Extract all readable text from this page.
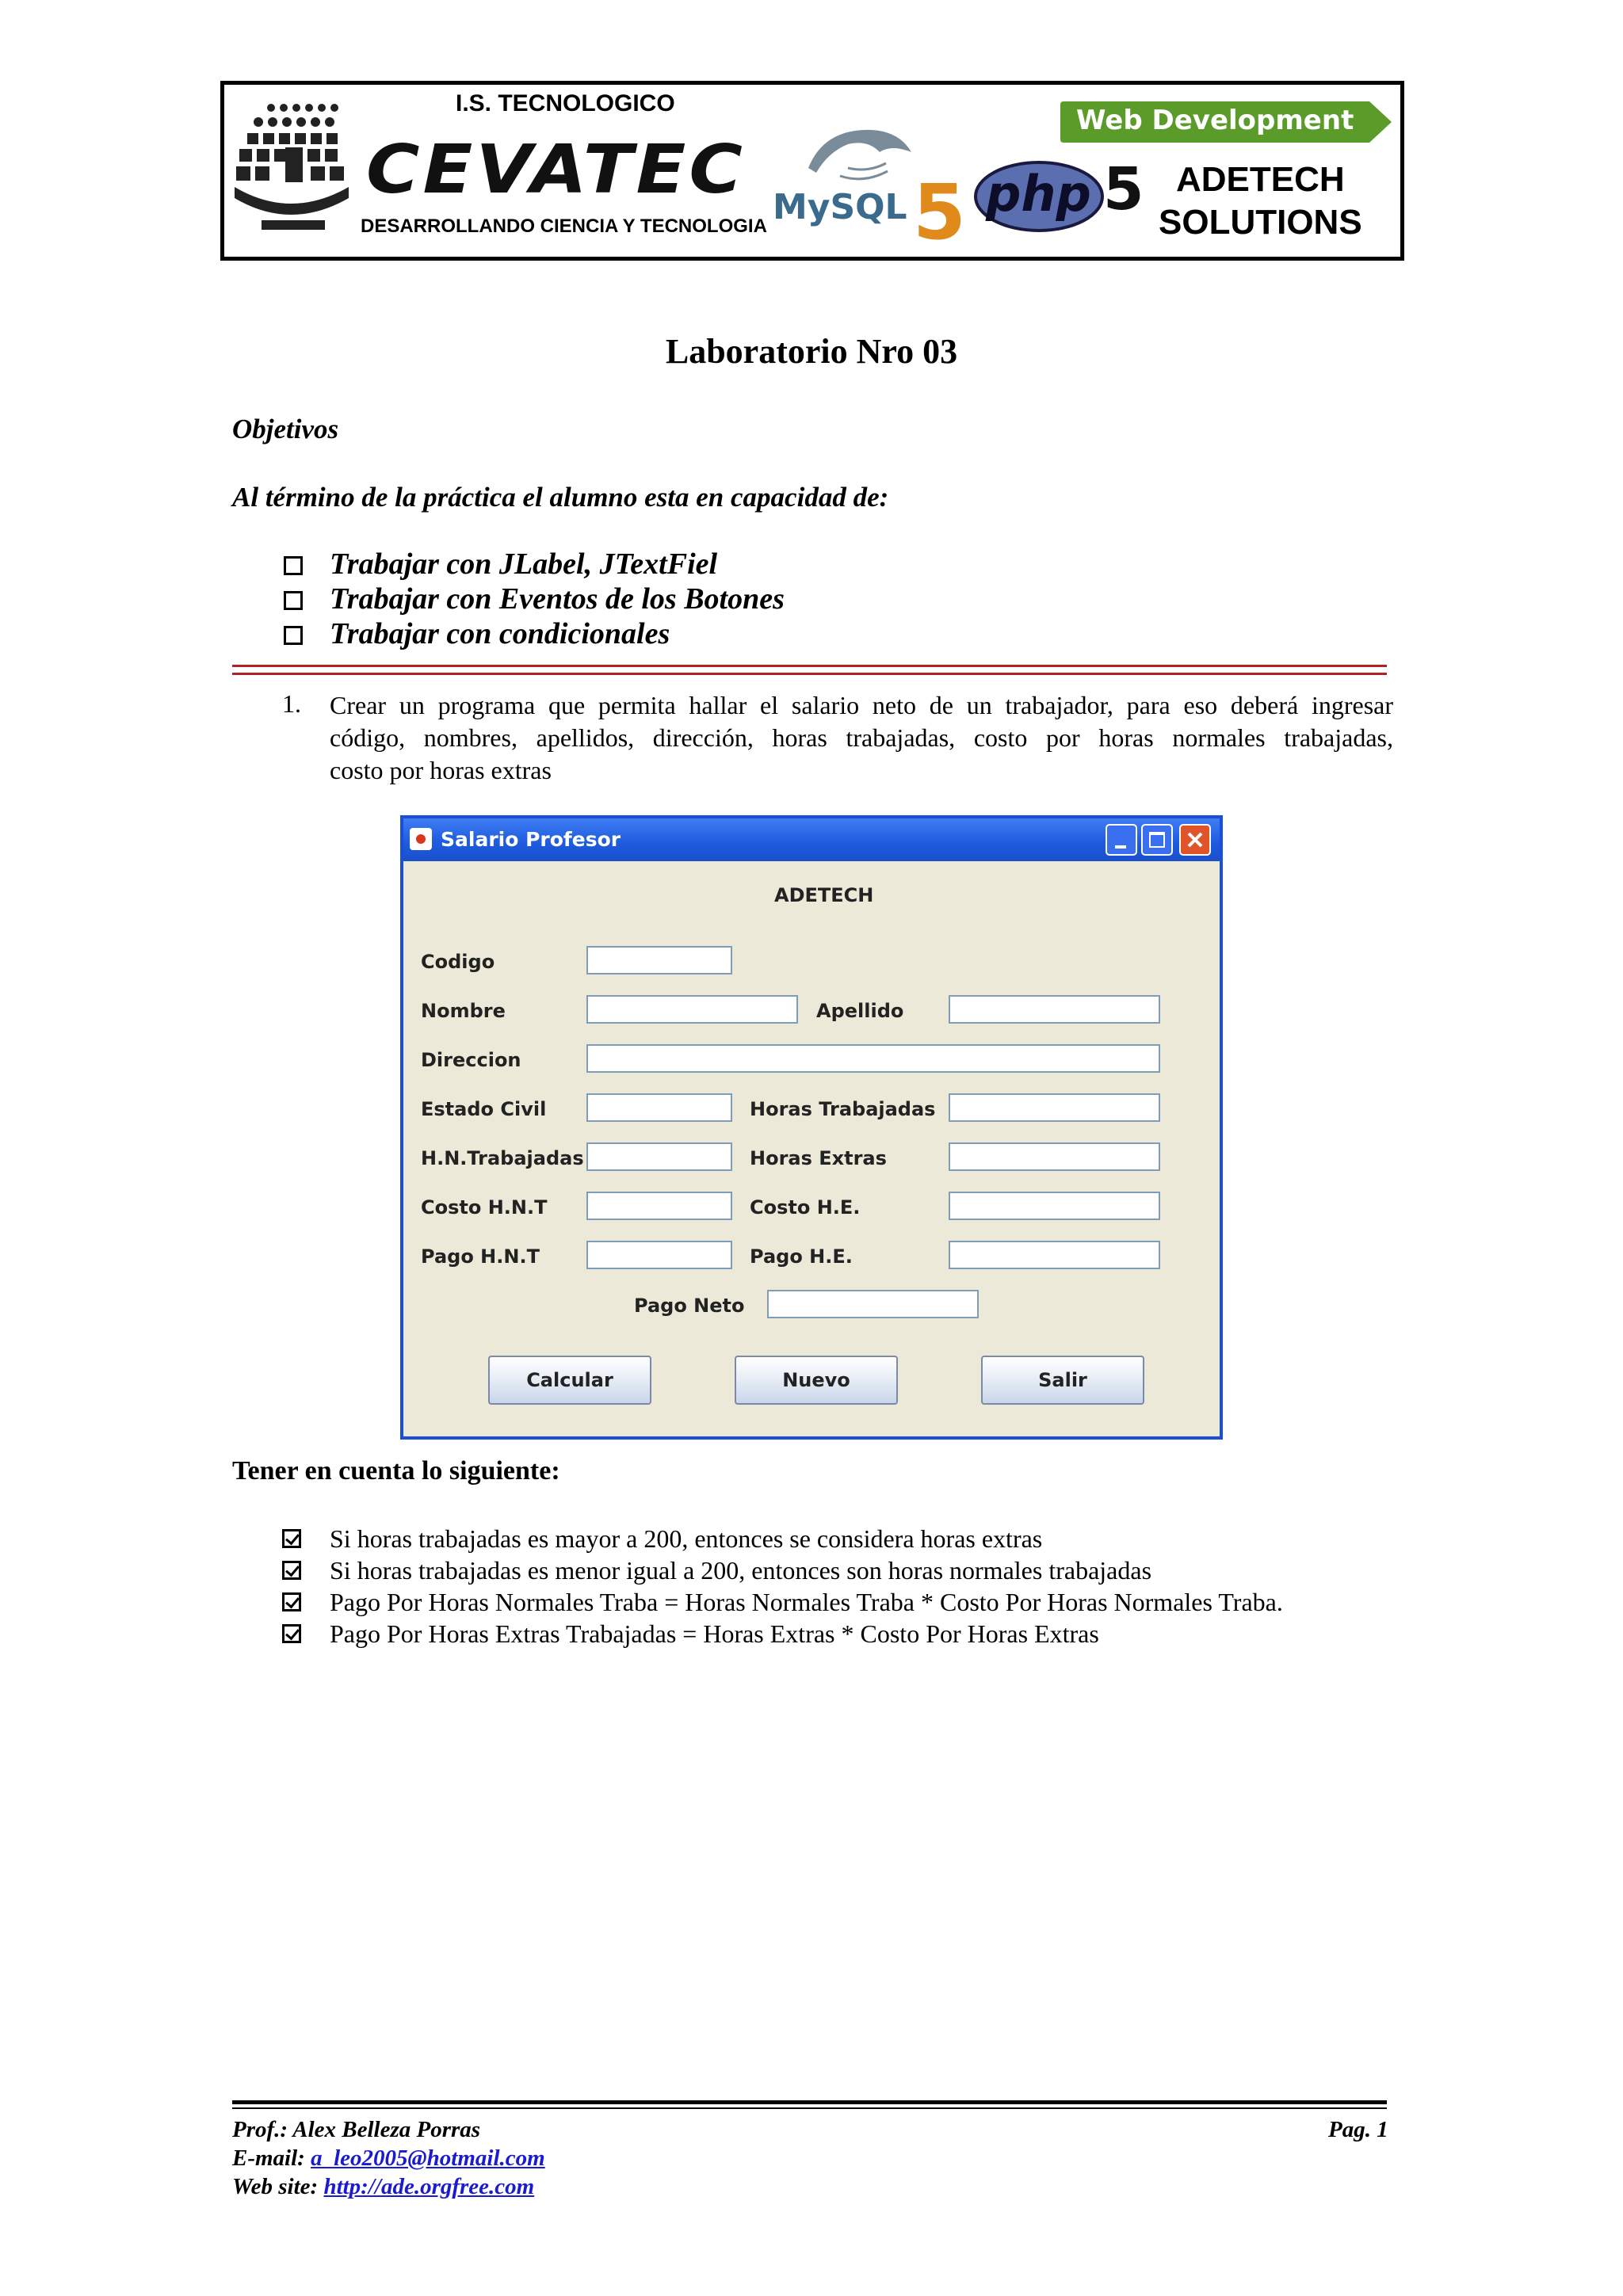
I.S. TECNOLOGICO
CEVATEC
DESARROLLANDO CIENCIA Y TECNOLOGIA MySQL 5 php 5
Web Development
ADETECH
SOLUTIONS
Laboratorio Nro 03
Objetivos
Al término de la práctica el alumno esta en capacidad de:
Trabajar con JLabel, JTextFiel
Trabajar con Eventos de los Botones
Trabajar con condicionales
1. Crear un programa que permita hallar el salario neto de un trabajador, para eso deberá ingresar
código, nombres, apellidos, dirección, horas trabajadas, costo por horas normales trabajadas,
costo por horas extras
Salario Profesor
ADETECH
Codigo
Nombre	Apellido
Direccion
Estado Civil	Horas Trabajadas
H.N.Trabajadas	Horas Extras
Costo H.N.T	Costo H.E.
Pago H.N.T	Pago H.E.
Pago Neto
Calcular	Nuevo	Salir
Tener en cuenta lo siguiente:
Si horas trabajadas es mayor a 200, entonces se considera horas extras
Si horas trabajadas es menor igual a 200, entonces son horas normales trabajadas
Pago Por Horas Normales Traba = Horas Normales Traba * Costo Por Horas Normales Traba.
Pago Por Horas Extras Trabajadas = Horas Extras * Costo Por Horas Extras
Prof.: Alex Belleza Porras	Pag. 1
E-mail: a_leo2005@hotmail.com
Web site: http://ade.orgfree.com
